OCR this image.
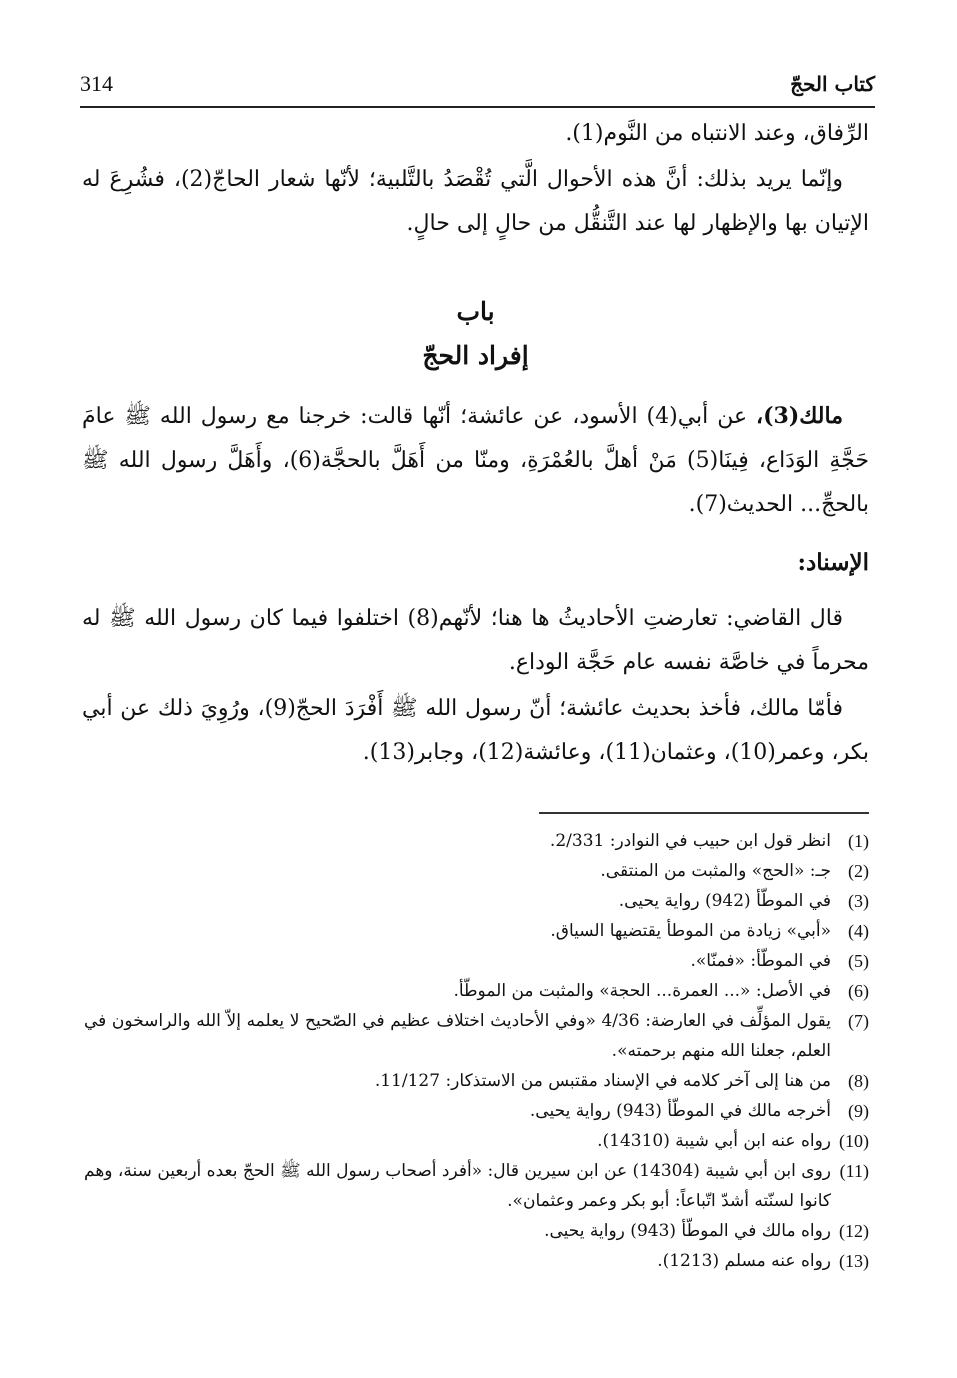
كتاب الحجّ
314

الرِّفاق، وعند الانتباه من النَّوم(1).

وإنّما يريد بذلك: أنَّ هذه الأحوال الَّتي تُقْصَدُ بالتَّلبية؛ لأنّها شعار الحاجّ(2)، فشُرِعَ له الإتيان بها والإظهار لها عند التَّنقُّل من حالٍ إلى حالٍ.

باب
إفراد الحجّ

مالك(3)، عن أبي(4) الأسود، عن عائشة؛ أنّها قالت: خرجنا مع رسول الله ﷺ عامَ حَجَّةِ الوَدَاع، فِينَا(5) مَنْ أهلَّ بالعُمْرَةِ، ومنّا من أَهَلَّ بالحجَّة(6)، وأَهَلَّ رسول الله ﷺ بالحجِّ... الحديث(7).

الإسناد:

قال القاضي: تعارضتِ الأحاديثُ ها هنا؛ لأنّهم(8) اختلفوا فيما كان رسول الله ﷺ له محرماً في خاصَّة نفسه عام حَجَّة الوداع.

فأمّا مالك، فأخذ بحديث عائشة؛ أنّ رسول الله ﷺ أَفْرَدَ الحجّ(9)، ورُوِيَ ذلك عن أبي بكر، وعمر(10)، وعثمان(11)، وعائشة(12)، وجابر(13).

(1)
انظر قول ابن حبيب في النوادر: 2/331.
(2)
جـ: «الحج» والمثبت من المنتقى.
(3)
في الموطّأ (942) رواية يحيى.
(4)
«أبي» زيادة من الموطأ يقتضيها السياق.
(5)
في الموطّأ: «فمنّا».
(6)
في الأصل: «... العمرة... الحجة» والمثبت من الموطّأ.
(7)
يقول المؤلِّف في العارضة: 4/36 «وفي الأحاديث اختلاف عظيم في الصّحيح لا يعلمه إلاّ الله والراسخون في العلم، جعلنا الله منهم برحمته».
(8)
من هنا إلى آخر كلامه في الإسناد مقتبس من الاستذكار: 11/127.
(9)
أخرجه مالك في الموطّأ (943) رواية يحيى.
(10)
رواه عنه ابن أبي شيبة (14310).
(11)
روى ابن أبي شيبة (14304) عن ابن سيرين قال: «أفرد أصحاب رسول الله ﷺ الحجّ بعده أربعين سنة، وهم كانوا لسنّته أشدّ اتّباعاً: أبو بكر وعمر وعثمان».
(12)
رواه مالك في الموطّأ (943) رواية يحيى.
(13)
رواه عنه مسلم (1213).
